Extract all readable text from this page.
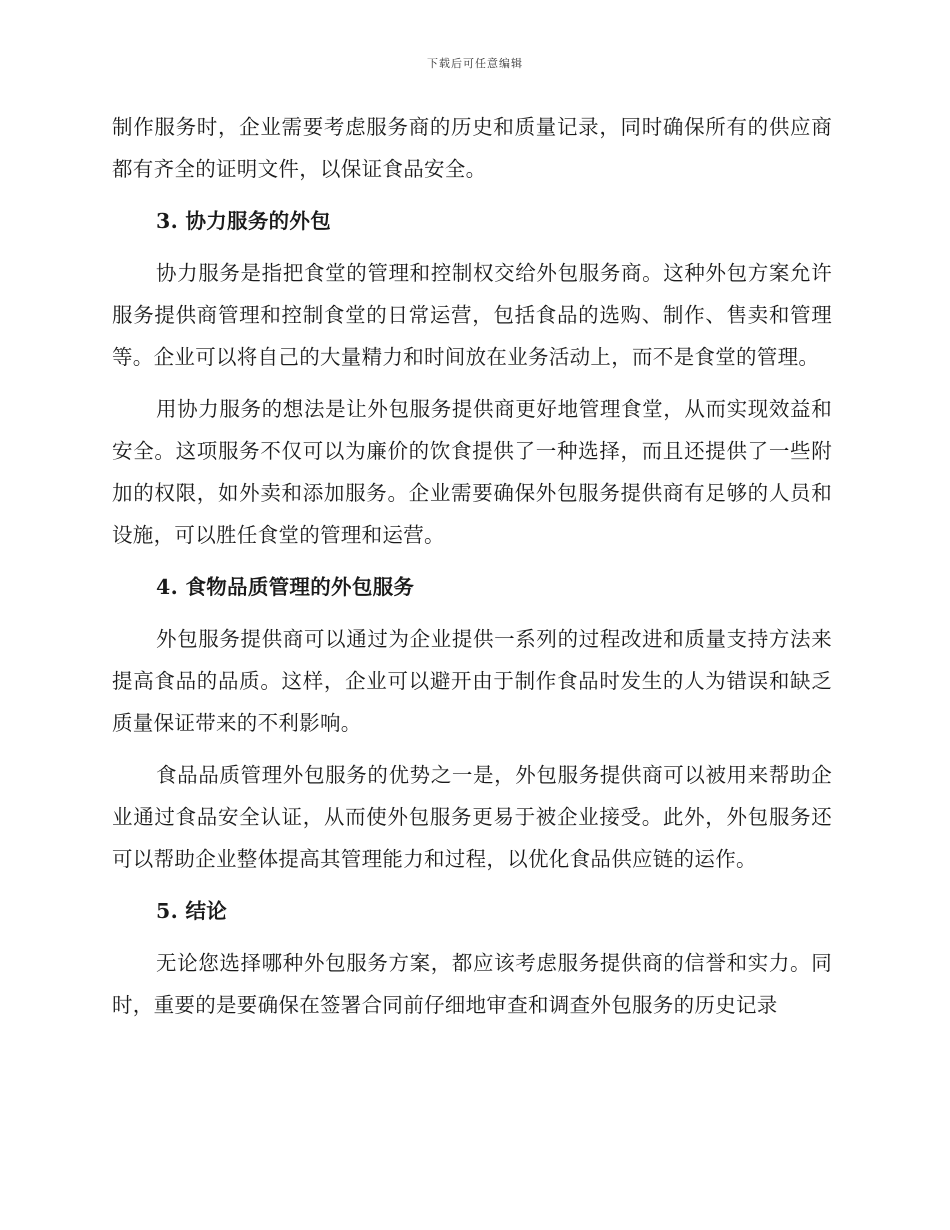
下载后可任意编辑

制作服务时，企业需要考虑服务商的历史和质量记录，同时确保所有的供应商都有齐全的证明文件，以保证食品安全。

3. 协力服务的外包

协力服务是指把食堂的管理和控制权交给外包服务商。这种外包方案允许服务提供商管理和控制食堂的日常运营，包括食品的选购、制作、售卖和管理等。企业可以将自己的大量精力和时间放在业务活动上，而不是食堂的管理。

用协力服务的想法是让外包服务提供商更好地管理食堂，从而实现效益和安全。这项服务不仅可以为廉价的饮食提供了一种选择，而且还提供了一些附加的权限，如外卖和添加服务。企业需要确保外包服务提供商有足够的人员和设施，可以胜任食堂的管理和运营。

4. 食物品质管理的外包服务

外包服务提供商可以通过为企业提供一系列的过程改进和质量支持方法来提高食品的品质。这样，企业可以避开由于制作食品时发生的人为错误和缺乏质量保证带来的不利影响。

食品品质管理外包服务的优势之一是，外包服务提供商可以被用来帮助企业通过食品安全认证，从而使外包服务更易于被企业接受。此外，外包服务还可以帮助企业整体提高其管理能力和过程，以优化食品供应链的运作。

5. 结论

无论您选择哪种外包服务方案，都应该考虑服务提供商的信誉和实力。同时，重要的是要确保在签署合同前仔细地审查和调查外包服务的历史记录
